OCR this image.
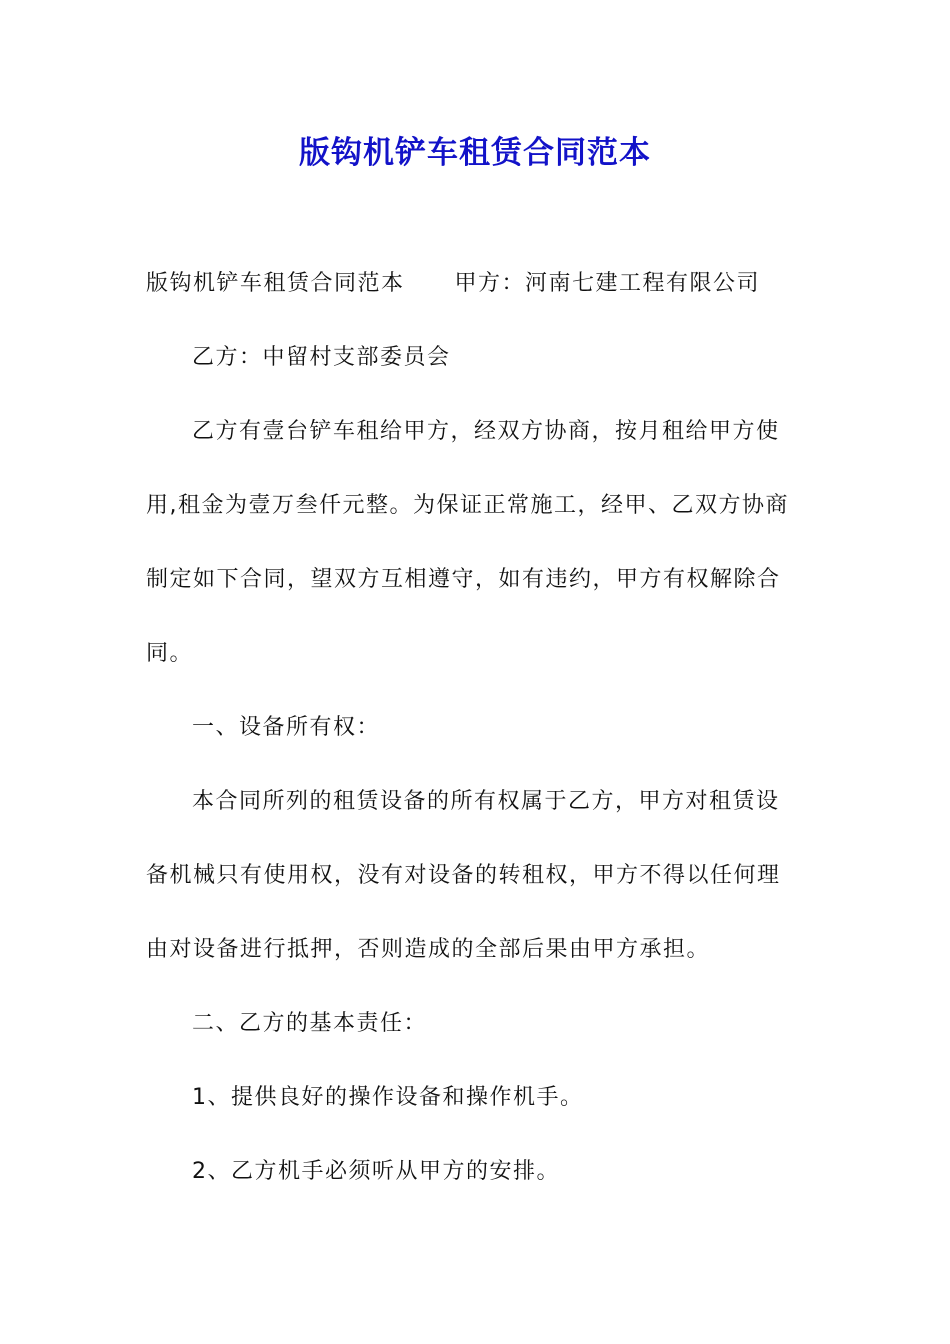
版钩机铲车租赁合同范本
版钩机铲车租赁合同范本 甲方：河南七建工程有限公司
乙方：中留村支部委员会
乙方有壹台铲车租给甲方，经双方协商，按月租给甲方使
用,租金为壹万叁仟元整。为保证正常施工，经甲、乙双方协商
制定如下合同，望双方互相遵守，如有违约，甲方有权解除合
同。
一、设备所有权：
本合同所列的租赁设备的所有权属于乙方，甲方对租赁设
备机械只有使用权，没有对设备的转租权，甲方不得以任何理
由对设备进行抵押，否则造成的全部后果由甲方承担。
二、乙方的基本责任：
1、提供良好的操作设备和操作机手。
2、乙方机手必须听从甲方的安排。
